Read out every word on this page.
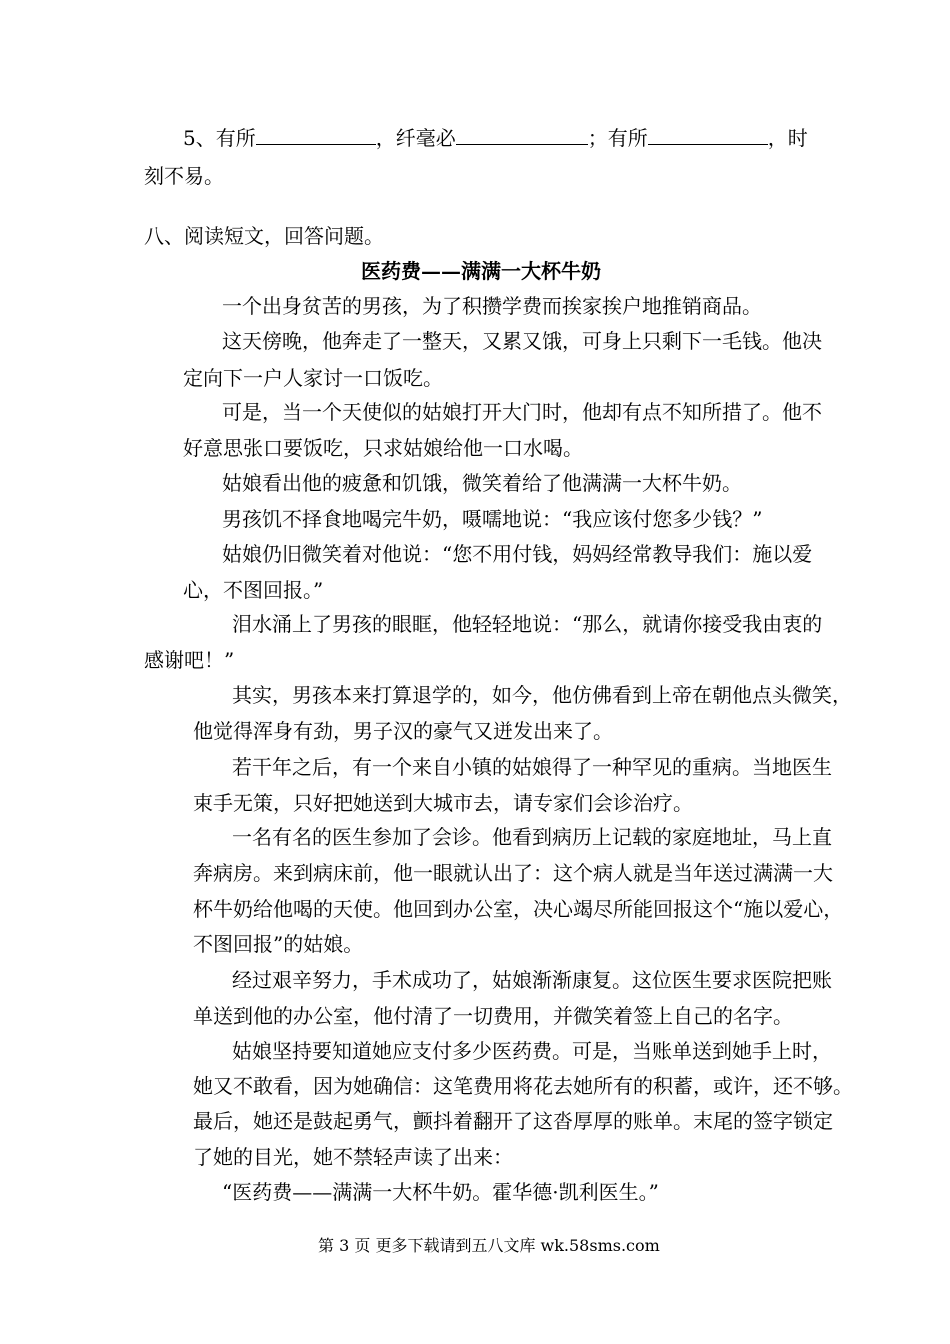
5、有所	，纤毫必	；有所	，时
刻不易。
八、阅读短文，回答问题。
医药费——满满一大杯牛奶
一个出身贫苦的男孩，为了积攒学费而挨家挨户地推销商品。
这天傍晚，他奔走了一整天，又累又饿，可身上只剩下一毛钱。他决
定向下一户人家讨一口饭吃。
可是，当一个天使似的姑娘打开大门时，他却有点不知所措了。他不
好意思张口要饭吃，只求姑娘给他一口水喝。
姑娘看出他的疲惫和饥饿，微笑着给了他满满一大杯牛奶。
男孩饥不择食地喝完牛奶，嗫嚅地说：“我应该付您多少钱？”
姑娘仍旧微笑着对他说：“您不用付钱，妈妈经常教导我们：施以爱
心，不图回报。”
泪水涌上了男孩的眼眶，他轻轻地说：“那么，就请你接受我由衷的
感谢吧！”
其实，男孩本来打算退学的，如今，他仿佛看到上帝在朝他点头微笑，
他觉得浑身有劲，男子汉的豪气又迸发出来了。
若干年之后，有一个来自小镇的姑娘得了一种罕见的重病。当地医生
束手无策，只好把她送到大城市去，请专家们会诊治疗。
一名有名的医生参加了会诊。他看到病历上记载的家庭地址，马上直
奔病房。来到病床前，他一眼就认出了：这个病人就是当年送过满满一大
杯牛奶给他喝的天使。他回到办公室，决心竭尽所能回报这个“施以爱心，
不图回报”的姑娘。
经过艰辛努力，手术成功了，姑娘渐渐康复。这位医生要求医院把账
单送到他的办公室，他付清了一切费用，并微笑着签上自己的名字。
姑娘坚持要知道她应支付多少医药费。可是，当账单送到她手上时，
她又不敢看，因为她确信：这笔费用将花去她所有的积蓄，或许，还不够。
最后，她还是鼓起勇气，颤抖着翻开了这沓厚厚的账单。末尾的签字锁定
了她的目光，她不禁轻声读了出来：
“医药费——满满一大杯牛奶。霍华德·凯利医生。”
第 3 页 更多下载请到五八文库 wk.58sms.com
